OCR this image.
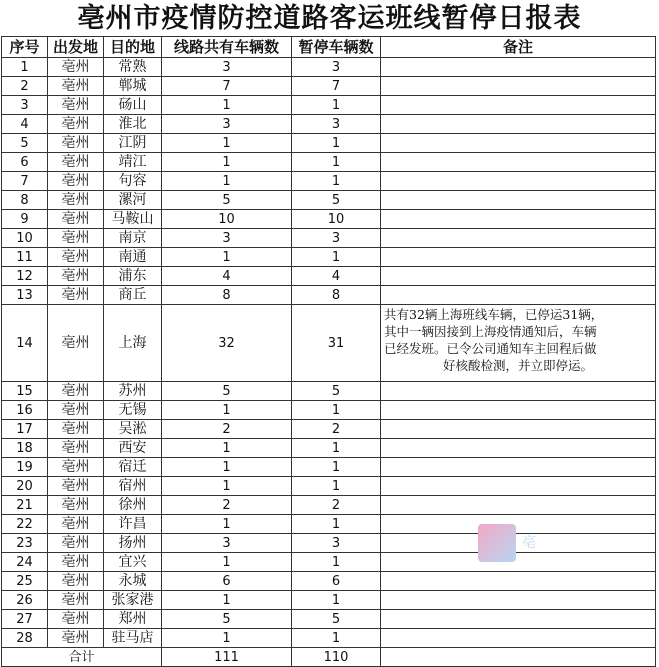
亳州市疫情防控道路客运班线暂停日报表
序号	出发地	目的地	线路共有车辆数	暂停车辆数	备注
1	亳州	常熟	3	3	
2	亳州	郸城	7	7	
3	亳州	砀山	1	1	
4	亳州	淮北	3	3	
5	亳州	江阴	1	1	
6	亳州	靖江	1	1	
7	亳州	句容	1	1	
8	亳州	漯河	5	5	
9	亳州	马鞍山	10	10	
10	亳州	南京	3	3	
11	亳州	南通	1	1	
12	亳州	浦东	4	4	
13	亳州	商丘	8	8	
14	亳州	上海	32	31	共有32辆上海班线车辆，已停运31辆，
其中一辆因接到上海疫情通知后，车辆
已经发班。已令公司通知车主回程后做

好核酸检测，并立即停运。

15	亳州	苏州	5	5	
16	亳州	无锡	1	1	
17	亳州	吴淞	2	2	
18	亳州	西安	1	1	
19	亳州	宿迁	1	1	
20	亳州	宿州	1	1	
21	亳州	徐州	2	2	
22	亳州	许昌	1	1	
23	亳州	扬州	3	3	
24	亳州	宜兴	1	1	
25	亳州	永城	6	6	
26	亳州	张家港	1	1	
27	亳州	郑州	5	5	
28	亳州	驻马店	1	1	
合计			111	110	
亳
